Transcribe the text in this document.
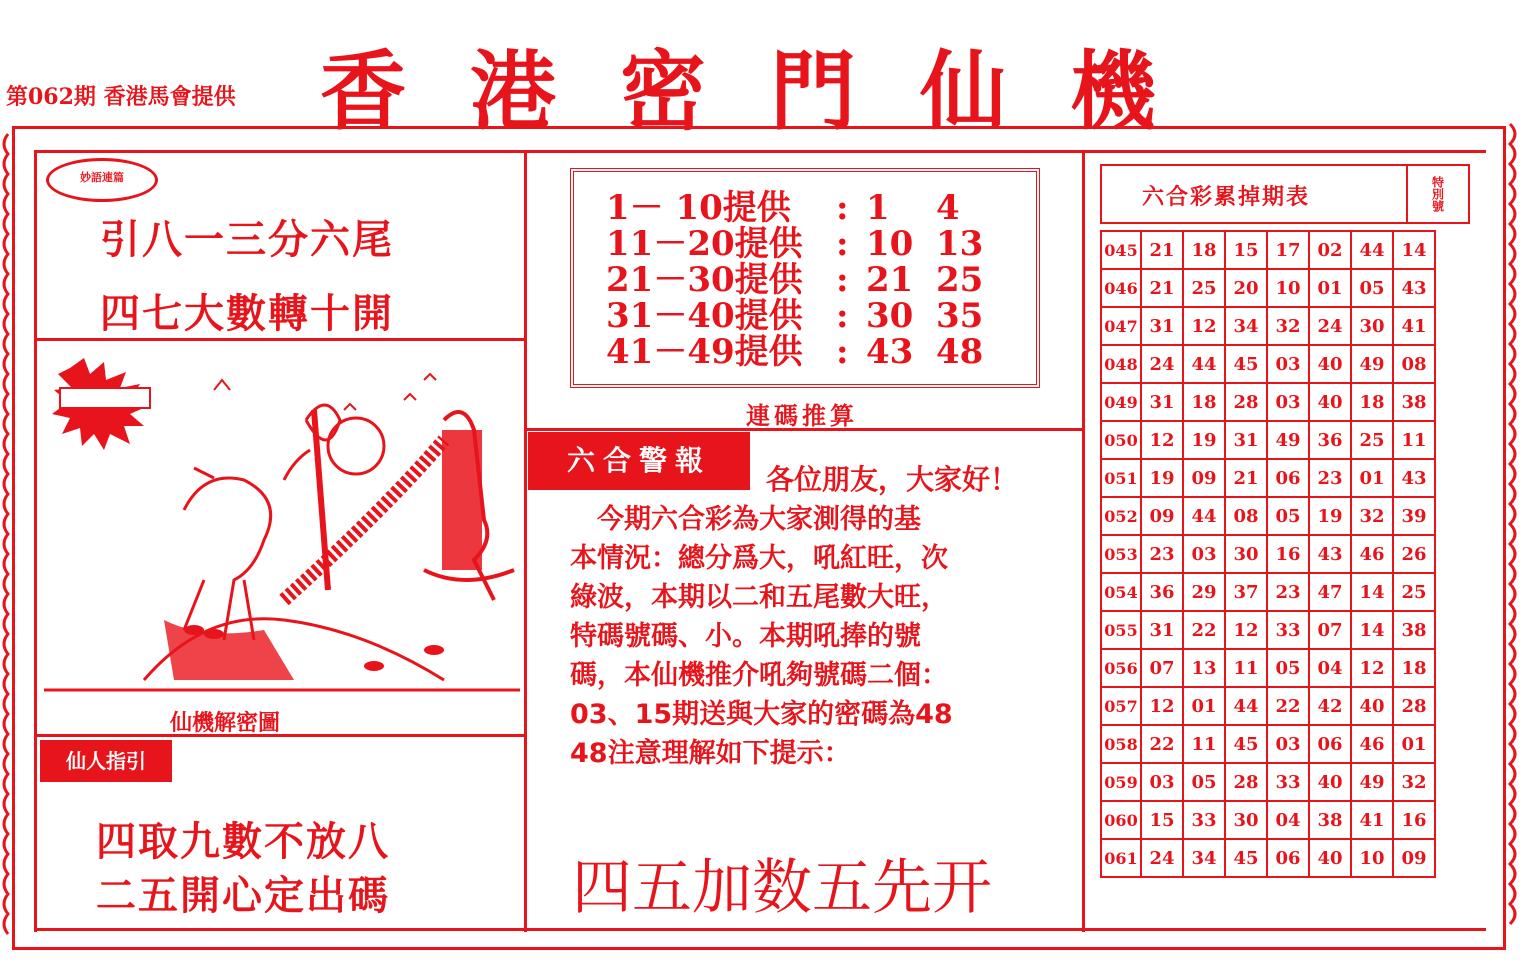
第062期 香港馬會提供 香港密門仙機
妙語連篇
引八一三分六尾
四七大數轉十開
仙機解密圖
仙人指引
四取九數不放八
二五開心定出碼
1－ 10提供	: 1	4
11－20提供 : 10 13
21－30提供 : 21 25
31－40提供 : 30 35
41－49提供 : 43 48
連碼推算
六合警報
各位朋友，大家好！
　今期六合彩為大家測得的基
本情況：總分爲大，吼紅旺，次
綠波，本期以二和五尾數大旺，
特碼號碼、小。本期吼捧的號
碼，本仙機推介吼夠號碼二個：
03、15期送與大家的密碼為48
48注意理解如下提示：
四五加数五先开
六合彩累掉期表	特別號
045	21	18	15	17	02	44	14
046	21	25	20	10	01	05	43
047	31	12	34	32	24	30	41
048	24	44	45	03	40	49	08
049	31	18	28	03	40	18	38
050	12	19	31	49	36	25	11
051	19	09	21	06	23	01	43
052	09	44	08	05	19	32	39
053	23	03	30	16	43	46	26
054	36	29	37	23	47	14	25
055	31	22	12	33	07	14	38
056	07	13	11	05	04	12	18
057	12	01	44	22	42	40	28
058	22	11	45	03	06	46	01
059	03	05	28	33	40	49	32
060	15	33	30	04	38	41	16
061	24	34	45	06	40	10	09
